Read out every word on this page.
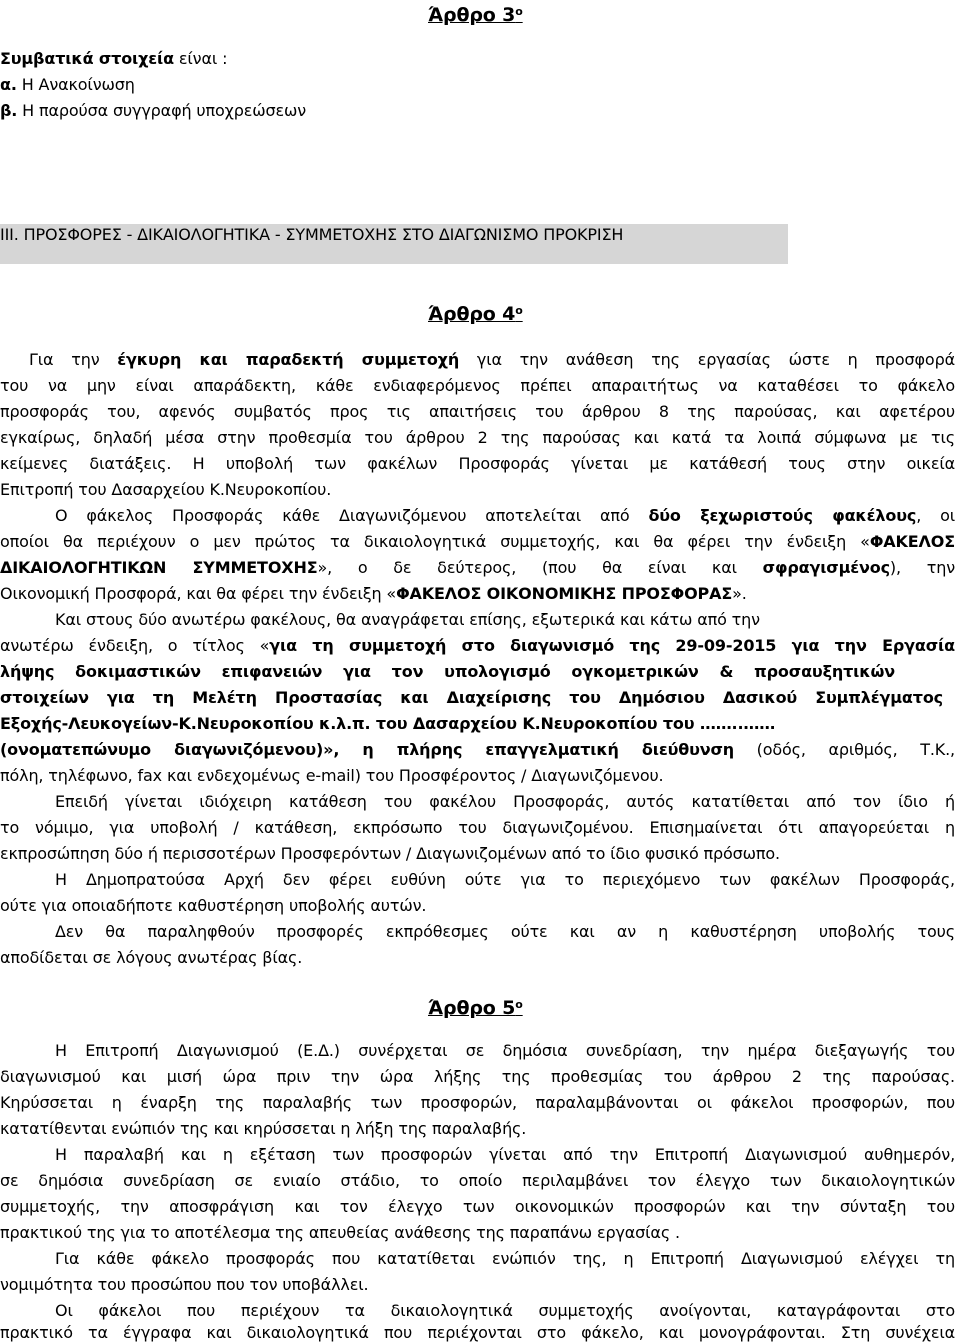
Άρθρο $3^o$
Συμβατικά στοιχεία είναι :
α. Η Ανακοίνωση
β. Η παρούσα συγγραφή υποχρεώσεων
ΙΙΙ. ΠΡΟΣΦΟΡΕΣ - ΔΙΚΑΙΟΛΟΓΗΤΙΚΑ - ΣΥΜΜΕΤΟΧΗΣ ΣΤΟ ΔΙΑΓΩΝΙΣΜΟ ΠΡΟΚΡΙΣΗ
Άρθρο $4^o$
Για την έγκυρη και παραδεκτή συμμετοχή για την ανάθεση της εργασίας ώστε η προσφορά
του να μην είναι απαράδεκτη, κάθε ενδιαφερόμενος πρέπει απαραιτήτως να καταθέσει το φάκελο
προσφοράς του, αφενός συμβατός προς τις απαιτήσεις του άρθρου 8 της παρούσας, και αφετέρου
εγκαίρως, δηλαδή μέσα στην προθεσμία του άρθρου 2 της παρούσας και κατά τα λοιπά σύμφωνα με τις
κείμενες διατάξεις. Η υποβολή των φακέλων Προσφοράς γίνεται με κατάθεσή τους στην οικεία
Επιτροπή του Δασαρχείου Κ.Νευροκοπίου.
Ο φάκελος Προσφοράς κάθε Διαγωνιζόμενου αποτελείται από δύο ξεχωριστούς φακέλους, οι
οποίοι θα περιέχουν ο μεν πρώτος τα δικαιολογητικά συμμετοχής, και θα φέρει την ένδειξη «ΦΑΚΕΛΟΣ
ΔΙΚΑΙΟΛΟΓΗΤΙΚΩΝ ΣΥΜΜΕΤΟΧΗΣ», ο δε δεύτερος, (που θα είναι και σφραγισμένος), την
Οικονομική Προσφορά, και θα φέρει την ένδειξη «ΦΑΚΕΛΟΣ ΟΙΚΟΝΟΜΙΚΗΣ ΠΡΟΣΦΟΡΑΣ».
Και στους δύο ανωτέρω φακέλους, θα αναγράφεται επίσης, εξωτερικά και κάτω από την
ανωτέρω ένδειξη, ο τίτλος «για τη συμμετοχή στο διαγωνισμό της 29-09-2015 για την Εργασία
λήψης δοκιμαστικών επιφανειών για τον υπολογισμό ογκομετρικών & προσαυξητικών
στοιχείων για τη Μελέτη Προστασίας και Διαχείρισης του Δημόσιου Δασικού Συμπλέγματος
Εξοχής-Λευκογείων-Κ.Νευροκοπίου κ.λ.π. του Δασαρχείου Κ.Νευροκοπίου του ……..……
(ονοματεπώνυμο διαγωνιζόμενου)», η πλήρης επαγγελματική διεύθυνση (οδός, αριθμός, Τ.Κ.,
πόλη, τηλέφωνο, fax και ενδεχομένως e-mail) του Προσφέροντος / Διαγωνιζόμενου.
Επειδή γίνεται ιδιόχειρη κατάθεση του φακέλου Προσφοράς, αυτός κατατίθεται από τον ίδιο ή
το νόμιμο, για υποβολή / κατάθεση, εκπρόσωπο του διαγωνιζομένου. Επισημαίνεται ότι απαγορεύεται η
εκπροσώπηση δύο ή περισσοτέρων Προσφερόντων / Διαγωνιζομένων από το ίδιο φυσικό πρόσωπο.
Η Δημοπρατούσα Αρχή δεν φέρει ευθύνη ούτε για το περιεχόμενο των φακέλων Προσφοράς,
ούτε για οποιαδήποτε καθυστέρηση υποβολής αυτών.
Δεν θα παραληφθούν προσφορές εκπρόθεσμες ούτε και αν η καθυστέρηση υποβολής τους
αποδίδεται σε λόγους ανωτέρας βίας.
Άρθρο $5^o$
Η Επιτροπή Διαγωνισμού (Ε.Δ.) συνέρχεται σε δημόσια συνεδρίαση, την ημέρα διεξαγωγής του
διαγωνισμού και μισή ώρα πριν την ώρα λήξης της προθεσμίας του άρθρου 2 της παρούσας.
Κηρύσσεται η έναρξη της παραλαβής των προσφορών, παραλαμβάνονται οι φάκελοι προσφορών, που
κατατίθενται ενώπιόν της και κηρύσσεται η λήξη της παραλαβής.
Η παραλαβή και η εξέταση των προσφορών γίνεται από την Επιτροπή Διαγωνισμού αυθημερόν,
σε δημόσια συνεδρίαση σε ενιαίο στάδιο, το οποίο περιλαμβάνει τον έλεγχο των δικαιολογητικών
συμμετοχής, την αποσφράγιση και τον έλεγχο των οικονομικών προσφορών και την σύνταξη του
πρακτικού της για το αποτέλεσμα της απευθείας ανάθεσης της παραπάνω εργασίας .
Για κάθε φάκελο προσφοράς που κατατίθεται ενώπιόν της, η Επιτροπή Διαγωνισμού ελέγχει τη
νομιμότητα του προσώπου που τον υποβάλλει.
Οι φάκελοι που περιέχουν τα δικαιολογητικά συμμετοχής ανοίγονται, καταγράφονται στο
πρακτικό τα έγγραφα και δικαιολογητικά που περιέχονται στο φάκελο, και μονογράφονται. Στη συνέχεια
